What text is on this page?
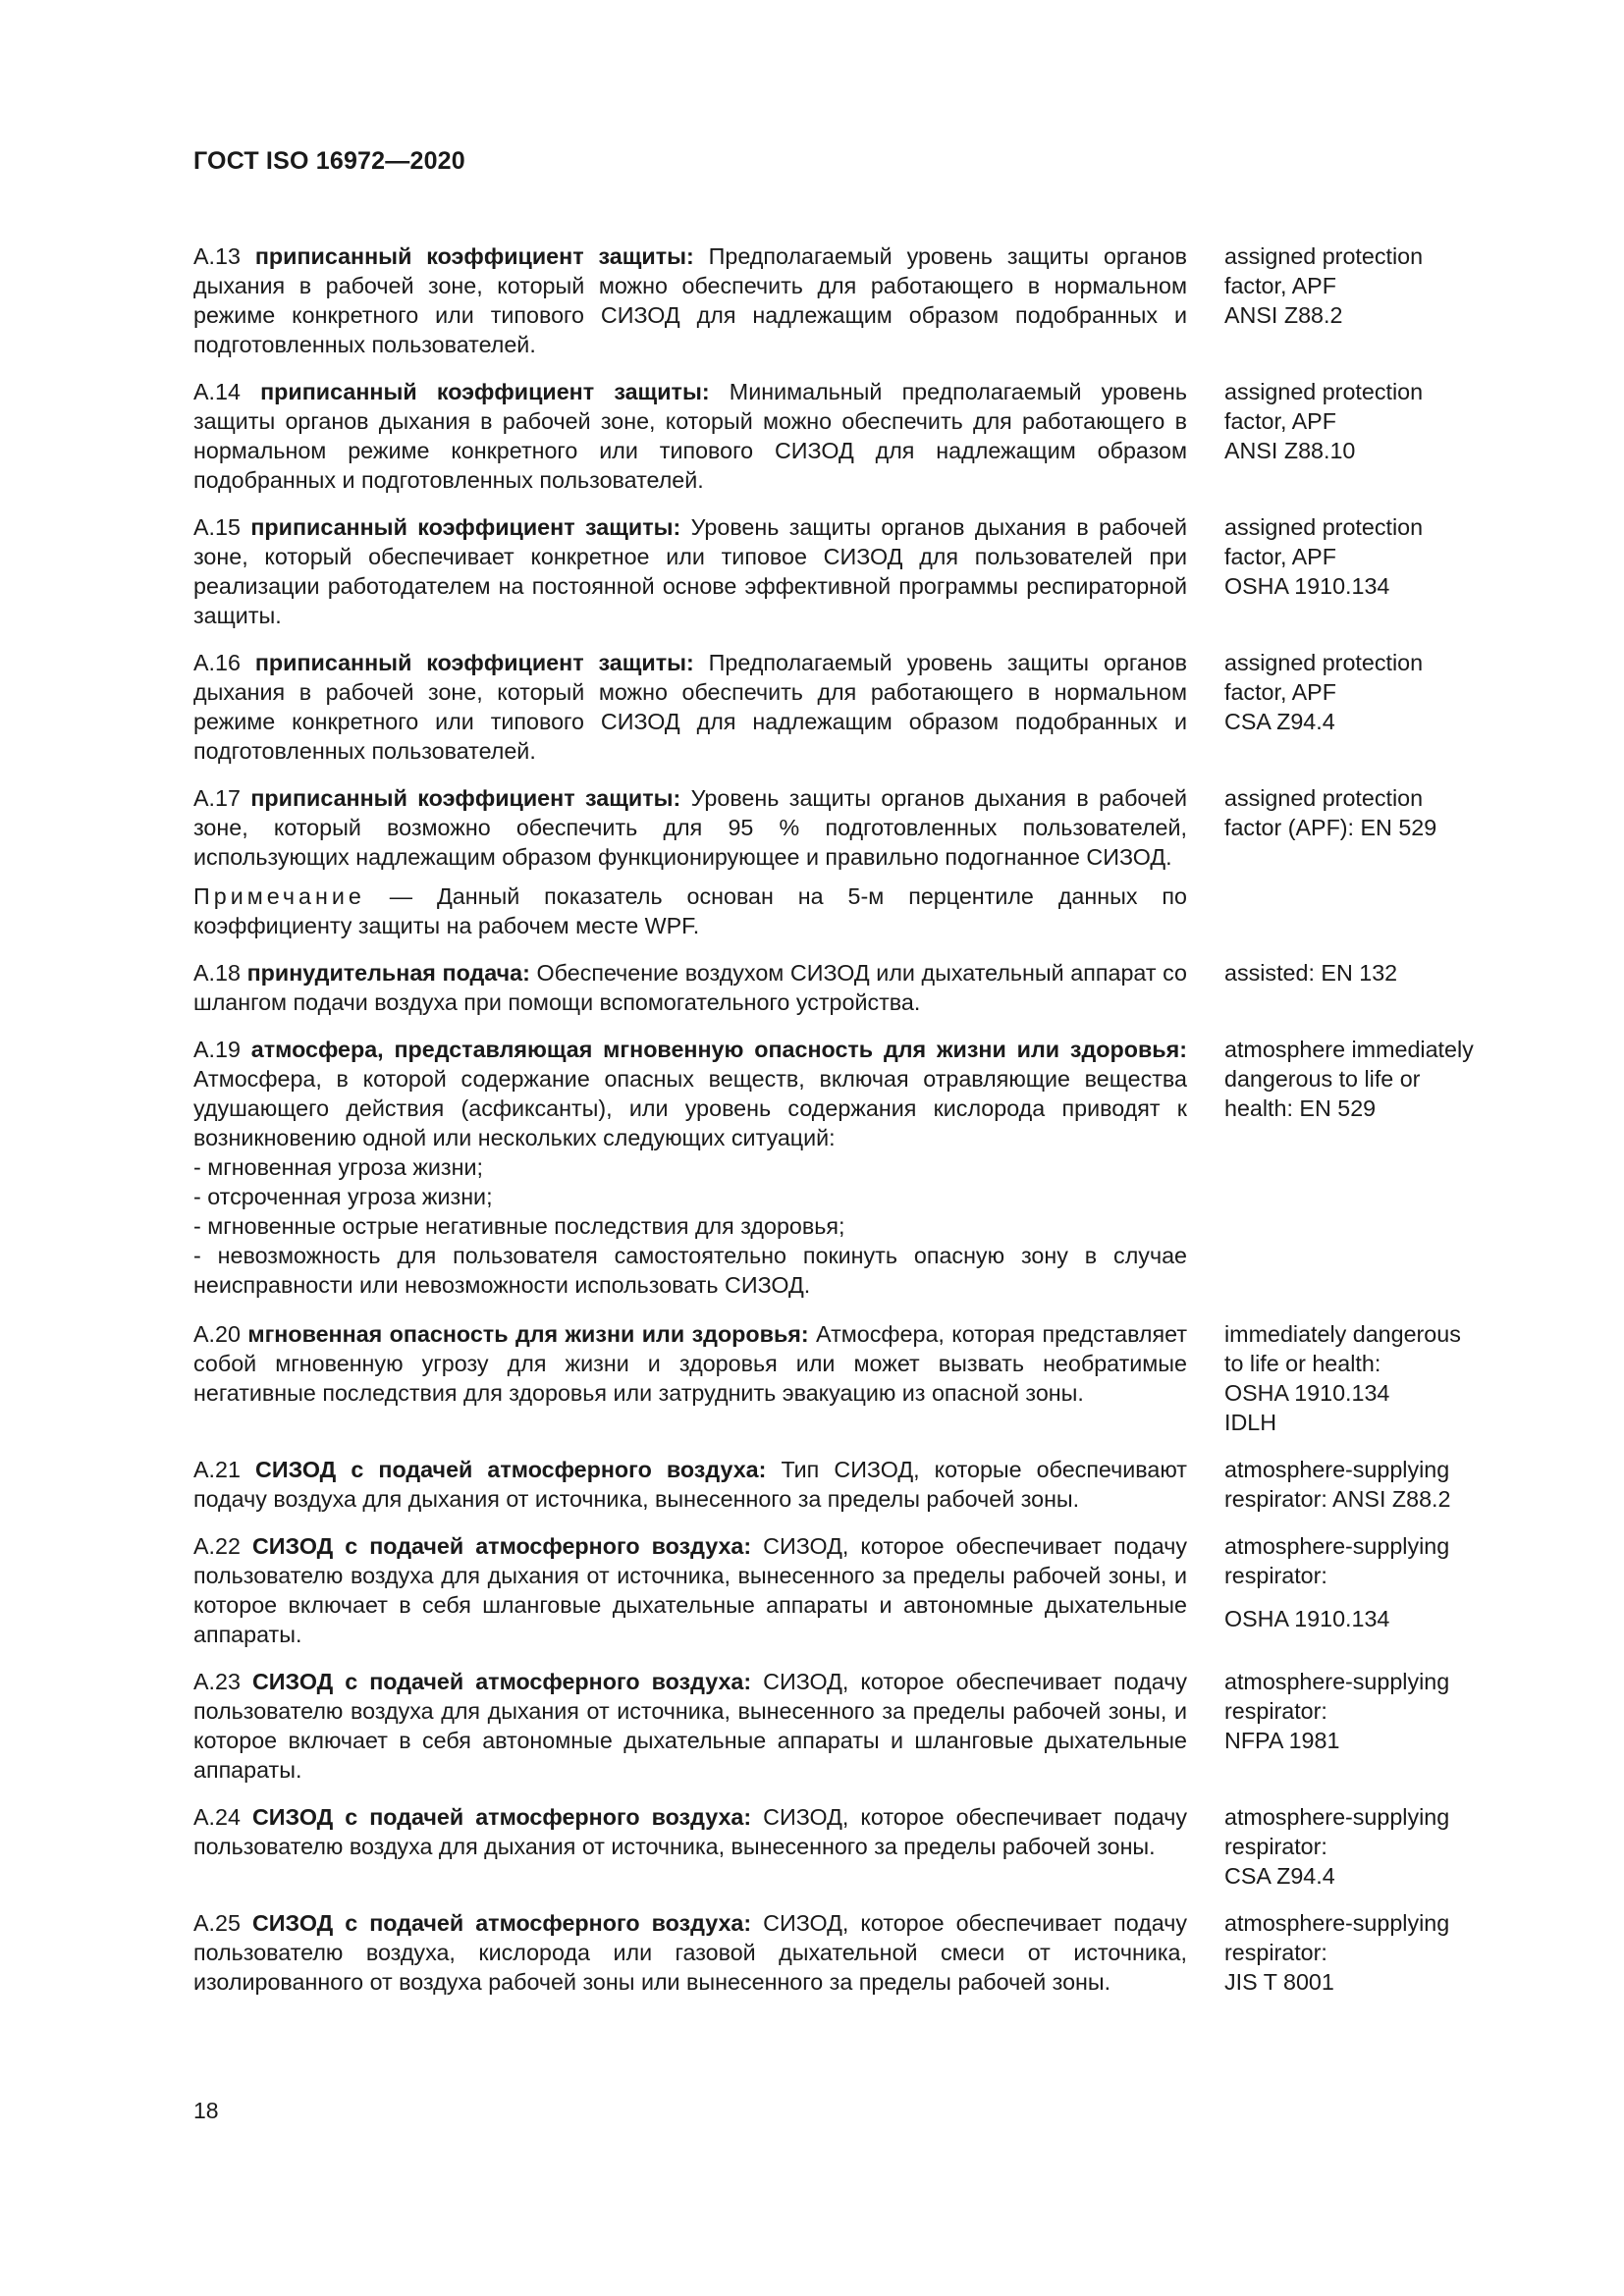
ГОСТ ISO 16972—2020
А.13 приписанный коэффициент защиты: Предполагаемый уровень защиты органов дыхания в рабочей зоне, который можно обеспечить для работающего в нормальном режиме конкретного или типового СИЗОД для надлежащим образом подобранных и подготовленных пользователей.
assigned protection
factor, APF
ANSI Z88.2
А.14 приписанный коэффициент защиты: Минимальный предполагаемый уровень защиты органов дыхания в рабочей зоне, который можно обеспечить для работающего в нормальном режиме конкретного или типового СИЗОД для надлежащим образом подобранных и подготовленных пользователей.
assigned protection
factor, APF
ANSI Z88.10
А.15 приписанный коэффициент защиты: Уровень защиты органов дыхания в рабочей зоне, который обеспечивает конкретное или типовое СИЗОД для пользователей при реализации работодателем на постоянной основе эффективной программы респираторной защиты.
assigned protection
factor, APF
OSHA 1910.134
А.16 приписанный коэффициент защиты: Предполагаемый уровень защиты органов дыхания в рабочей зоне, который можно обеспечить для работающего в нормальном режиме конкретного или типового СИЗОД для надлежащим образом подобранных и подготовленных пользователей.
assigned protection
factor, APF
CSA Z94.4
А.17 приписанный коэффициент защиты: Уровень защиты органов дыхания в рабочей зоне, который возможно обеспечить для 95 % подготовленных пользователей, использующих надлежащим образом функционирующее и правильно подогнанное СИЗОД.
assigned protection
factor (APF): EN 529
Примечание — Данный показатель основан на 5-м перцентиле данных по коэффициенту защиты на рабочем месте WPF.
А.18 принудительная подача: Обеспечение воздухом СИЗОД или дыхательный аппарат со шлангом подачи воздуха при помощи вспомогательного устройства.
assisted: EN 132
А.19 атмосфера, представляющая мгновенную опасность для жизни или здоровья: Атмосфера, в которой содержание опасных веществ, включая отравляющие вещества удушающего действия (асфиксанты), или уровень содержания кислорода приводят к возникновению одной или нескольких следующих ситуаций:
- мгновенная угроза жизни;
- отсроченная угроза жизни;
- мгновенные острые негативные последствия для здоровья;
- невозможность для пользователя самостоятельно покинуть опасную зону в случае неисправности или невозможности использовать СИЗОД.
atmosphere immediately
dangerous to life or
health: EN 529
А.20 мгновенная опасность для жизни или здоровья: Атмосфера, которая представляет собой мгновенную угрозу для жизни и здоровья или может вызвать необратимые негативные последствия для здоровья или затруднить эвакуацию из опасной зоны.
immediately dangerous
to life or health:
OSHA 1910.134
IDLH
А.21 СИЗОД с подачей атмосферного воздуха: Тип СИЗОД, которые обеспечивают подачу воздуха для дыхания от источника, вынесенного за пределы рабочей зоны.
atmosphere-supplying
respirator: ANSI Z88.2
А.22 СИЗОД с подачей атмосферного воздуха: СИЗОД, которое обеспечивает подачу пользователю воздуха для дыхания от источника, вынесенного за пределы рабочей зоны, и которое включает в себя шланговые дыхательные аппараты и автономные дыхательные аппараты.
atmosphere-supplying
respirator:
OSHA 1910.134
А.23 СИЗОД с подачей атмосферного воздуха: СИЗОД, которое обеспечивает подачу пользователю воздуха для дыхания от источника, вынесенного за пределы рабочей зоны, и которое включает в себя автономные дыхательные аппараты и шланговые дыхательные аппараты.
atmosphere-supplying
respirator:
NFPA 1981
А.24 СИЗОД с подачей атмосферного воздуха: СИЗОД, которое обеспечивает подачу пользователю воздуха для дыхания от источника, вынесенного за пределы рабочей зоны.
atmosphere-supplying
respirator:
CSA Z94.4
А.25 СИЗОД с подачей атмосферного воздуха: СИЗОД, которое обеспечивает подачу пользователю воздуха, кислорода или газовой дыхательной смеси от источника, изолированного от воздуха рабочей зоны или вынесенного за пределы рабочей зоны.
atmosphere-supplying
respirator:
JIS T 8001
18
